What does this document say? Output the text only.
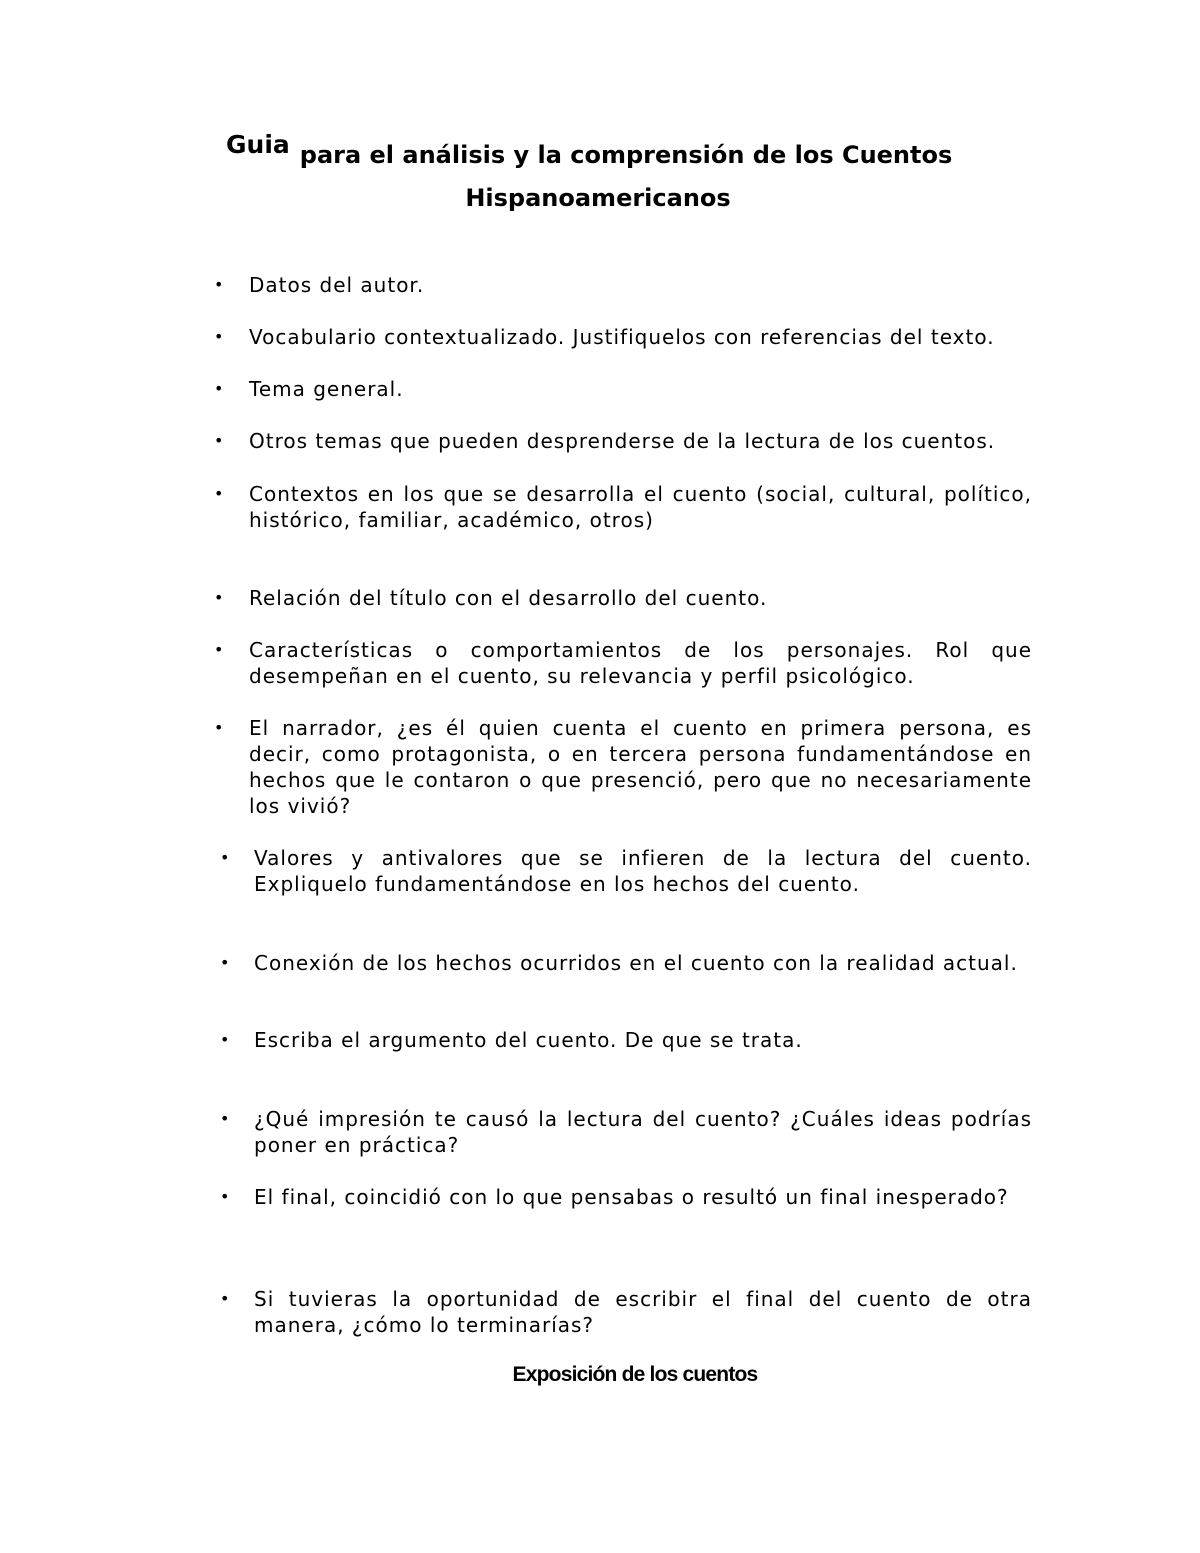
Guia para el análisis y la comprensión de los Cuentos
Hispanoamericanos
• Datos del autor.
• Vocabulario contextualizado. Justifiquelos con referencias del texto.
• Tema general.
• Otros temas que pueden desprenderse de la lectura de los cuentos.
• Contextos en los que se desarrolla el cuento (social, cultural, político, histórico, familiar, académico, otros)
• Relación del título con el desarrollo del cuento.
• Características o comportamientos de los personajes. Rol que desempeñan en el cuento, su relevancia y perfil psicológico.
• El narrador, ¿es él quien cuenta el cuento en primera persona, es decir, como protagonista, o en tercera persona fundamentándose en hechos que le contaron o que presenció, pero que no necesariamente los vivió?
• Valores y antivalores que se infieren de la lectura del cuento. Expliquelo fundamentándose en los hechos del cuento.
• Conexión de los hechos ocurridos en el cuento con la realidad actual.
• Escriba el argumento del cuento. De que se trata.
• ¿Qué impresión te causó la lectura del cuento? ¿Cuáles ideas podrías poner en práctica?
• El final, coincidió con lo que pensabas o resultó un final inesperado?
• Si tuvieras la oportunidad de escribir el final del cuento de otra manera, ¿cómo lo terminarías?
Exposición de los cuentos
